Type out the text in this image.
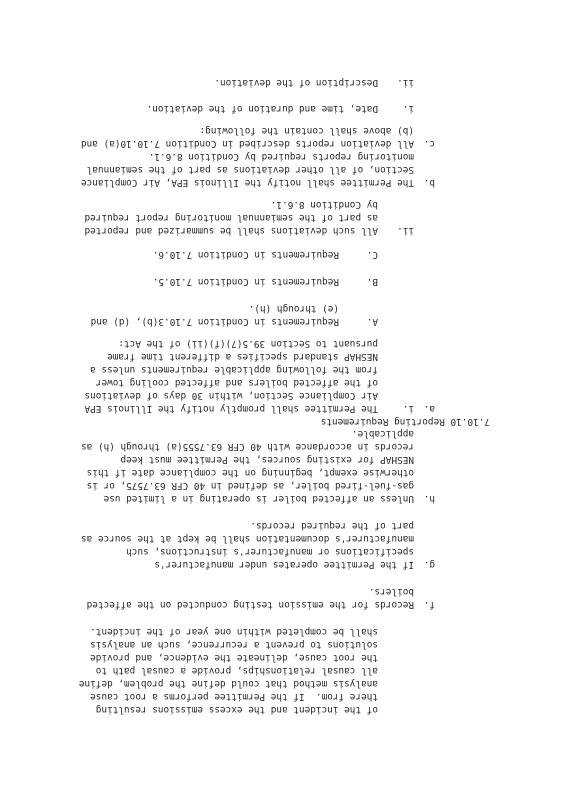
of the incident and the excess emissions resulting
there from.  If the Permittee performs a root cause
analysis method that could define the problem, define
all causal relationships, provide a causal path to
the root cause, delineate the evidence, and provide
solutions to prevent a recurrence, such an analysis
shall be completed within one year of the incident.
f.
Records for the emission testing conducted on the affected
boilers.
g.
If the Permittee operates under manufacturer's
specifications or manufacturer's instructions, such
manufacturer's documentation shall be kept at the source as
part of the required records.
h.
Unless an affected boiler is operating in a limited use
gas-fuel-fired boiler, as defined in 40 CFR 63.7575, or is
otherwise exempt, beginning on the compliance date if this
NESHAP for existing sources, the Permittee must keep
records in accordance with 40 CFR 63.7555(a) through (h) as
applicable.
7.10.10 Reporting Requirements
a.
i.
The Permittee shall promptly notify the Illinois EPA
Air Compliance Section, within 30 days of deviations
of the affected boilers and affected cooling tower
from the following applicable requirements unless a
NESHAP standard specifies a different time frame
pursuant to Section 39.5(7)(f)(ii) of the Act:
A.
Requirements in Condition 7.10.3(b), (d) and
(e) through (h).
B.
Requirements in Condition 7.10.5.
C.
Requirements in Condition 7.10.6.
ii.
All such deviations shall be summarized and reported
as part of the semiannual monitoring report required
by Condition 8.6.1.
b.
The Permittee shall notify the Illinois EPA, Air Compliance
Section, of all other deviations as part of the semiannual
monitoring reports required by Condition 8.6.1.
c.
All deviation reports described in Condition 7.10.10(a) and
(b) above shall contain the following:
i.
Date, time and duration of the deviation.
ii.
Description of the deviation.
